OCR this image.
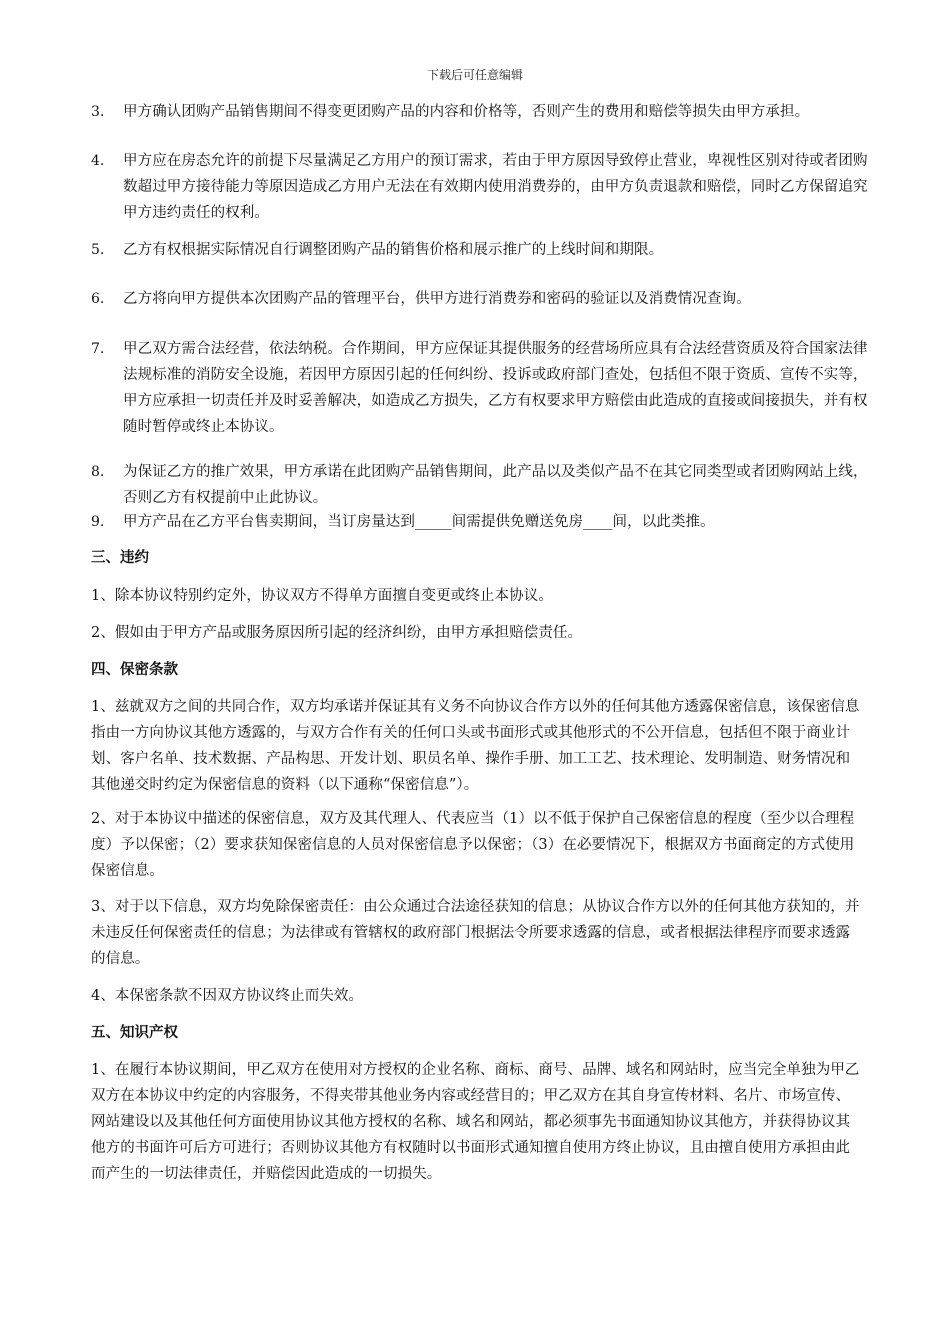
下载后可任意编辑
3.	甲方确认团购产品销售期间不得变更团购产品的内容和价格等，否则产生的费用和赔偿等损失由甲方承担。
4.	甲方应在房态允许的前提下尽量满足乙方用户的预订需求，若由于甲方原因导致停止营业，卑视性区别对待或者团购数超过甲方接待能力等原因造成乙方用户无法在有效期内使用消费券的，由甲方负责退款和赔偿，同时乙方保留追究甲方违约责任的权利。
5.	乙方有权根据实际情况自行调整团购产品的销售价格和展示推广的上线时间和期限。
6.	乙方将向甲方提供本次团购产品的管理平台，供甲方进行消费券和密码的验证以及消费情况查询。
7.	甲乙双方需合法经营，依法纳税。合作期间，甲方应保证其提供服务的经营场所应具有合法经营资质及符合国家法律法规标准的消防安全设施，若因甲方原因引起的任何纠纷、投诉或政府部门查处，包括但不限于资质、宣传不实等，甲方应承担一切责任并及时妥善解决，如造成乙方损失，乙方有权要求甲方赔偿由此造成的直接或间接损失，并有权随时暂停或终止本协议。
8.	为保证乙方的推广效果，甲方承诺在此团购产品销售期间，此产品以及类似产品不在其它同类型或者团购网站上线，否则乙方有权提前中止此协议。
9.	甲方产品在乙方平台售卖期间，当订房量达到_____间需提供免赠送免房____间，以此类推。
三、违约
1、除本协议特别约定外，协议双方不得单方面擅自变更或终止本协议。
2、假如由于甲方产品或服务原因所引起的经济纠纷，由甲方承担赔偿责任。
四、保密条款
1、兹就双方之间的共同合作，双方均承诺并保证其有义务不向协议合作方以外的任何其他方透露保密信息，该保密信息指由一方向协议其他方透露的，与双方合作有关的任何口头或书面形式或其他形式的不公开信息，包括但不限于商业计划、客户名单、技术数据、产品构思、开发计划、职员名单、操作手册、加工工艺、技术理论、发明制造、财务情况和其他递交时约定为保密信息的资料（以下通称“保密信息”）。
2、对于本协议中描述的保密信息，双方及其代理人、代表应当（1）以不低于保护自己保密信息的程度（至少以合理程度）予以保密；（2）要求获知保密信息的人员对保密信息予以保密；（3）在必要情况下，根据双方书面商定的方式使用保密信息。
3、对于以下信息，双方均免除保密责任：由公众通过合法途径获知的信息；从协议合作方以外的任何其他方获知的，并未违反任何保密责任的信息；为法律或有管辖权的政府部门根据法令所要求透露的信息，或者根据法律程序而要求透露的信息。
4、本保密条款不因双方协议终止而失效。
五、知识产权
1、在履行本协议期间，甲乙双方在使用对方授权的企业名称、商标、商号、品牌、域名和网站时，应当完全单独为甲乙双方在本协议中约定的内容服务，不得夹带其他业务内容或经营目的；甲乙双方在其自身宣传材料、名片、市场宣传、网站建设以及其他任何方面使用协议其他方授权的名称、域名和网站，都必须事先书面通知协议其他方，并获得协议其他方的书面许可后方可进行；否则协议其他方有权随时以书面形式通知擅自使用方终止协议，且由擅自使用方承担由此而产生的一切法律责任，并赔偿因此造成的一切损失。
